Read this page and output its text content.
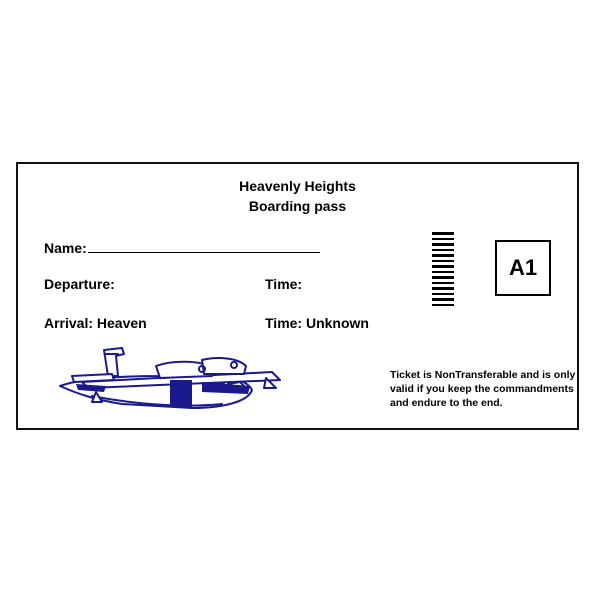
Heavenly Heights
Boarding pass
Name:
Departure:	Time:
Arrival: Heaven	Time: Unknown
A1
Ticket is NonTransferable and is only valid if you keep the commandments and endure to the end.
